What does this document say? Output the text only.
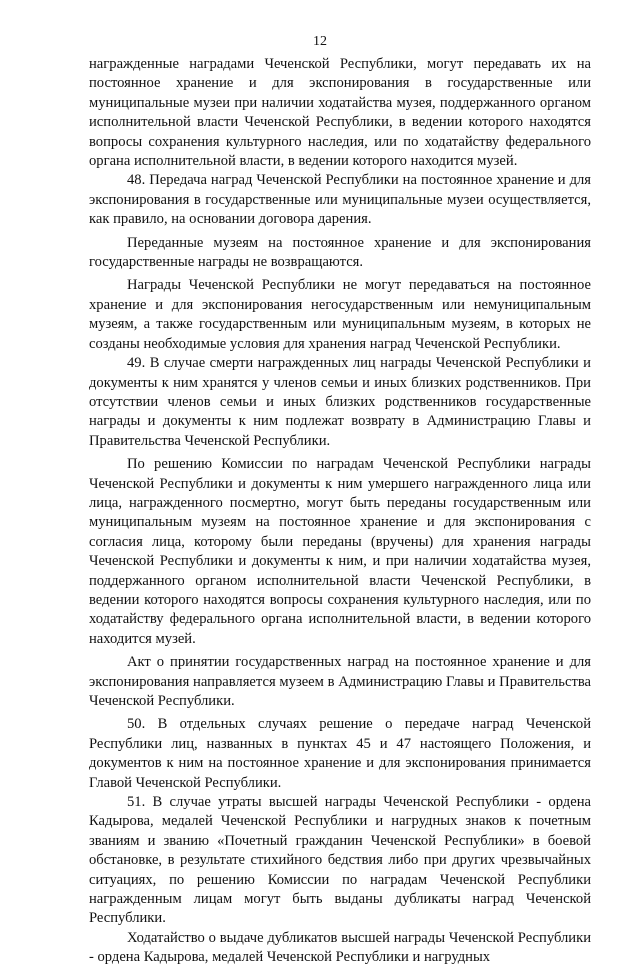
12

награжденные наградами Чеченской Республики, могут передавать их на постоянное хранение и для экспонирования в государственные или муниципальные музеи при наличии ходатайства музея, поддержанного органом исполнительной власти Чеченской Республики, в ведении которого находятся вопросы сохранения культурного наследия, или по ходатайству федерального органа исполнительной власти, в ведении которого находится музей.

48. Передача наград Чеченской Республики на постоянное хранение и для экспонирования в государственные или муниципальные музеи осуществляется, как правило, на основании договора дарения.

Переданные музеям на постоянное хранение и для экспонирования государственные награды не возвращаются.

Награды Чеченской Республики не могут передаваться на постоянное хранение и для экспонирования негосударственным или немуниципальным музеям, а также государственным или муниципальным музеям, в которых не созданы необходимые условия для хранения наград Чеченской Республики.

49. В случае смерти награжденных лиц награды Чеченской Республики и документы к ним хранятся у членов семьи и иных близких родственников. При отсутствии членов семьи и иных близких родственников государственные награды и документы к ним подлежат возврату в Администрацию Главы и Правительства Чеченской Республики.

По решению Комиссии по наградам Чеченской Республики награды Чеченской Республики и документы к ним умершего награжденного лица или лица, награжденного посмертно, могут быть переданы государственным или муниципальным музеям на постоянное хранение и для экспонирования с согласия лица, которому были переданы (вручены) для хранения награды Чеченской Республики и документы к ним, и при наличии ходатайства музея, поддержанного органом исполнительной власти Чеченской Республики, в ведении которого находятся вопросы сохранения культурного наследия, или по ходатайству федерального органа исполнительной власти, в ведении которого находится музей.

Акт о принятии государственных наград на постоянное хранение и для экспонирования направляется музеем в Администрацию Главы и Правительства Чеченской Республики.

50. В отдельных случаях решение о передаче наград Чеченской Республики лиц, названных в пунктах 45 и 47 настоящего Положения, и документов к ним на постоянное хранение и для экспонирования принимается Главой Чеченской Республики.

51. В случае утраты высшей награды Чеченской Республики - ордена Кадырова, медалей Чеченской Республики и нагрудных знаков к почетным званиям и званию «Почетный гражданин Чеченской Республики» в боевой обстановке, в результате стихийного бедствия либо при других чрезвычайных ситуациях, по решению Комиссии по наградам Чеченской Республики награжденным лицам могут быть выданы дубликаты наград Чеченской Республики.

Ходатайство о выдаче дубликатов высшей награды Чеченской Республики - ордена Кадырова, медалей Чеченской Республики и нагрудных
